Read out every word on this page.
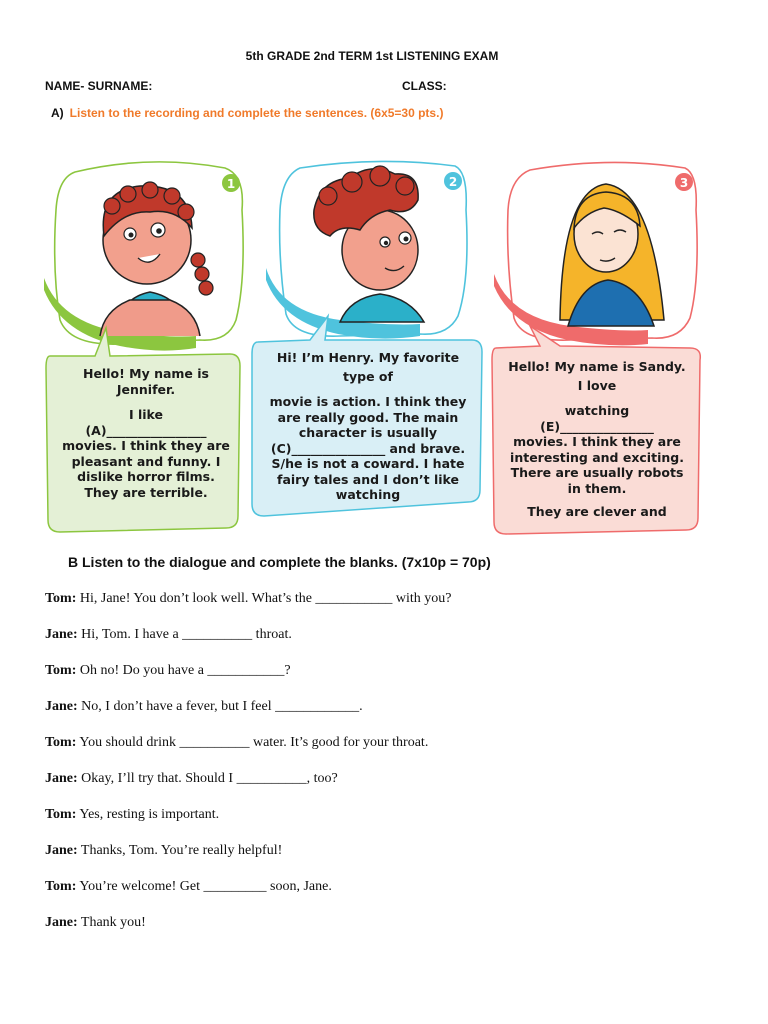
5th GRADE 2nd TERM 1st LISTENING EXAM
NAME- SURNAME:	CLASS:
A) Listen to the recording and complete the sentences. (6x5=30 pts.)
1	2	3

Hello! My name is Jennifer.

I like

(A)________________

movies. I think they are pleasant and funny. I dislike horror films. They are terrible.

Hi! I’m Henry. My favorite type of

movie is action. I think they are really good. The main character is usually (C)_______________ and brave. S/he is not a coward. I hate fairy tales and I don’t like watching

Hello! My name is Sandy. I love

watching

(E)_______________

movies. I think they are interesting and exciting. There are usually robots in them.

They are clever and

B Listen to the dialogue and complete the blanks. (7x10p = 70p)
Tom: Hi, Jane! You don’t look well. What’s the ___________ with you?
Jane: Hi, Tom. I have a __________ throat.
Tom: Oh no! Do you have a ___________?
Jane: No, I don’t have a fever, but I feel ____________.
Tom: You should drink __________ water. It’s good for your throat.
Jane: Okay, I’ll try that. Should I __________, too?
Tom: Yes, resting is important.
Jane: Thanks, Tom. You’re really helpful!
Tom: You’re welcome! Get _________ soon, Jane.
Jane: Thank you!
